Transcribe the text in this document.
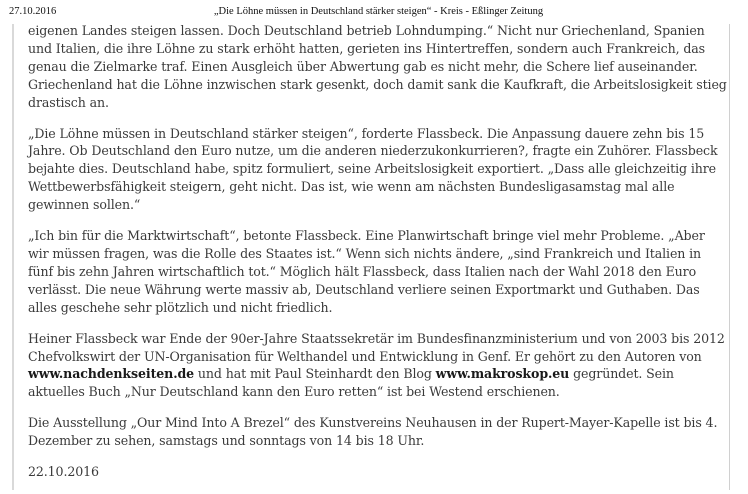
27.10.2016	„Die Löhne müssen in Deutschland stärker steigen“ - Kreis - Eßlinger Zeitung

eigenen Landes steigen lassen. Doch Deutschland betrieb Lohndumping.“ Nicht nur Griechenland, Spanien und Italien, die ihre Löhne zu stark erhöht hatten, gerieten ins Hintertreffen, sondern auch Frankreich, das genau die Zielmarke traf. Einen Ausgleich über Abwertung gab es nicht mehr, die Schere lief auseinander. Griechenland hat die Löhne inzwischen stark gesenkt, doch damit sank die Kaufkraft, die Arbeitslosigkeit stieg drastisch an.

„Die Löhne müssen in Deutschland stärker steigen“, forderte Flassbeck. Die Anpassung dauere zehn bis 15 Jahre. Ob Deutschland den Euro nutze, um die anderen niederzukonkurrieren?, fragte ein Zuhörer. Flassbeck bejahte dies. Deutschland habe, spitz formuliert, seine Arbeitslosigkeit exportiert. „Dass alle gleichzeitig ihre Wettbewerbsfähigkeit steigern, geht nicht. Das ist, wie wenn am nächsten Bundesligasamstag mal alle gewinnen sollen.“

„Ich bin für die Marktwirtschaft“, betonte Flassbeck. Eine Planwirtschaft bringe viel mehr Probleme. „Aber wir müssen fragen, was die Rolle des Staates ist.“ Wenn sich nichts ändere, „sind Frankreich und Italien in fünf bis zehn Jahren wirtschaftlich tot.“ Möglich hält Flassbeck, dass Italien nach der Wahl 2018 den Euro verlässt. Die neue Währung werte massiv ab, Deutschland verliere seinen Exportmarkt und Guthaben. Das alles geschehe sehr plötzlich und nicht friedlich.

Heiner Flassbeck war Ende der 90er-Jahre Staatssekretär im Bundesfinanzministerium und von 2003 bis 2012 Chefvolkswirt der UN-Organisation für Welthandel und Entwicklung in Genf. Er gehört zu den Autoren von www.nachdenkseiten.de und hat mit Paul Steinhardt den Blog www.makroskop.eu gegründet. Sein aktuelles Buch „Nur Deutschland kann den Euro retten“ ist bei Westend erschienen.

Die Ausstellung „Our Mind Into A Brezel“ des Kunstvereins Neuhausen in der Rupert-Mayer-Kapelle ist bis 4. Dezember zu sehen, samstags und sonntags von 14 bis 18 Uhr.

22.10.2016
